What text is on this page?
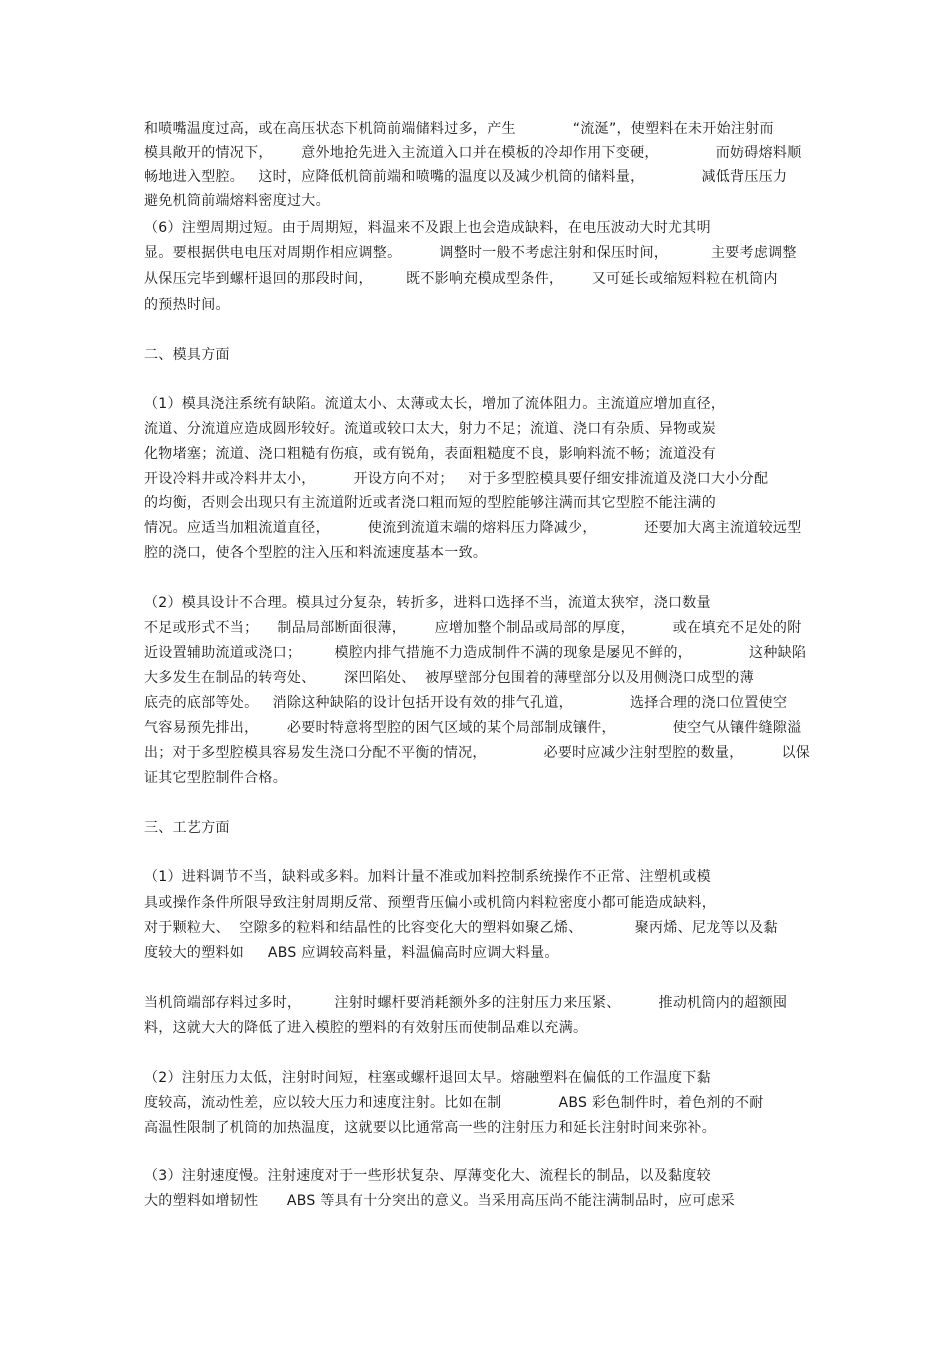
和喷嘴温度过高，或在高压状态下机筒前端储料过多，产生            “流涎”，使塑料在未开始注射而
模具敞开的情况下，      意外地抢先进入主流道入口并在模板的冷却作用下变硬，            而妨碍熔料顺
畅地进入型腔。   这时，应降低机筒前端和喷嘴的温度以及减少机筒的储料量，            减低背压压力
避免机筒前端熔料密度过大。
（6）注塑周期过短。由于周期短，料温来不及跟上也会造成缺料，在电压波动大时尤其明
显。要根据供电电压对周期作相应调整。        调整时一般不考虑注射和保压时间，         主要考虑调整
从保压完毕到螺杆退回的那段时间，       既不影响充模成型条件，      又可延长或缩短料粒在机筒内
的预热时间。
二、模具方面
（1）模具浇注系统有缺陷。流道太小、太薄或太长，增加了流体阻力。主流道应增加直径，
流道、分流道应造成圆形较好。流道或较口太大，射力不足；流道、浇口有杂质、异物或炭
化物堵塞；流道、浇口粗糙有伤痕，或有锐角，表面粗糙度不良，影响料流不畅；流道没有
开设冷料井或冷料井太小，        开设方向不对；   对于多型腔模具要仔细安排流道及浇口大小分配
的均衡，否则会出现只有主流道附近或者浇口粗而短的型腔能够注满而其它型腔不能注满的
情况。应适当加粗流道直径，        使流到流道末端的熔料压力降减少，          还要加大离主流道较远型
腔的浇口，使各个型腔的注入压和料流速度基本一致。
（2）模具设计不合理。模具过分复杂，转折多，进料口选择不当，流道太狭窄，浇口数量
不足或形式不当；    制品局部断面很薄，      应增加整个制品或局部的厚度，        或在填充不足处的附
近设置辅助流道或浇口；       模腔内排气措施不力造成制件不满的现象是屡见不鲜的，            这种缺陷
大多发生在制品的转弯处、      深凹陷处、  被厚壁部分包围着的薄壁部分以及用侧浇口成型的薄
底壳的底部等处。   消除这种缺陷的设计包括开设有效的排气孔道，            选择合理的浇口位置使空
气容易预先排出，      必要时特意将型腔的困气区域的某个局部制成镶件，            使空气从镶件缝隙溢
出；对于多型腔模具容易发生浇口分配不平衡的情况，            必要时应减少注射型腔的数量，        以保
证其它型腔制件合格。
三、工艺方面
（1）进料调节不当，缺料或多料。加料计量不准或加料控制系统操作不正常、注塑机或模
具或操作条件所限导致注射周期反常、预塑背压偏小或机筒内料粒密度小都可能造成缺料，
对于颗粒大、  空隙多的粒料和结晶性的比容变化大的塑料如聚乙烯、           聚丙烯、尼龙等以及黏
度较大的塑料如     ABS 应调较高料量，料温偏高时应调大料量。
当机筒端部存料过多时，       注射时螺杆要消耗额外多的注射压力来压紧、        推动机筒内的超额囤
料，这就大大的降低了进入模腔的塑料的有效射压而使制品难以充满。
（2）注射压力太低，注射时间短，柱塞或螺杆退回太早。熔融塑料在偏低的工作温度下黏
度较高，流动性差，应以较大压力和速度注射。比如在制            ABS 彩色制件时，着色剂的不耐
高温性限制了机筒的加热温度，这就要以比通常高一些的注射压力和延长注射时间来弥补。
（3）注射速度慢。注射速度对于一些形状复杂、厚薄变化大、流程长的制品，以及黏度较
大的塑料如增韧性      ABS 等具有十分突出的意义。当采用高压尚不能注满制品时，应可虑采
